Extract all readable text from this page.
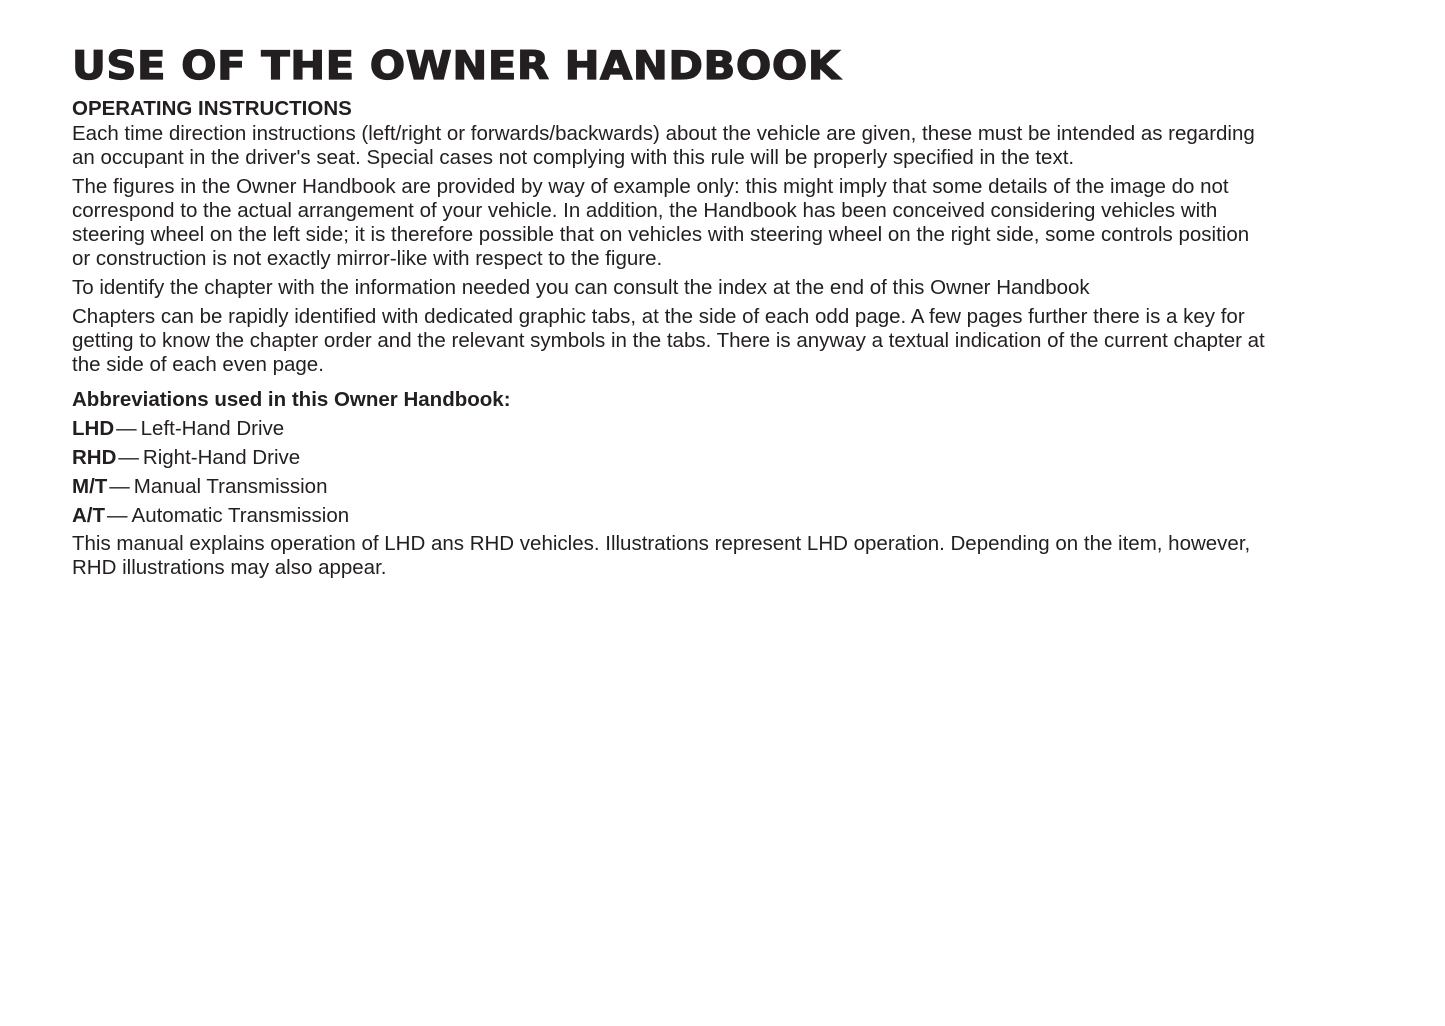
USE OF THE OWNER HANDBOOK
OPERATING INSTRUCTIONS

Each time direction instructions (left/right or forwards/backwards) about the vehicle are given, these must be intended as regarding an occupant in the driver's seat. Special cases not complying with this rule will be properly specified in the text.

The figures in the Owner Handbook are provided by way of example only: this might imply that some details of the image do not correspond to the actual arrangement of your vehicle. In addition, the Handbook has been conceived considering vehicles with steering wheel on the left side; it is therefore possible that on vehicles with steering wheel on the right side, some controls position or construction is not exactly mirror-like with respect to the figure.

To identify the chapter with the information needed you can consult the index at the end of this Owner Handbook

Chapters can be rapidly identified with dedicated graphic tabs, at the side of each odd page. A few pages further there is a key for getting to know the chapter order and the relevant symbols in the tabs. There is anyway a textual indication of the current chapter at the side of each even page.

Abbreviations used in this Owner Handbook:
LHD— Left-Hand Drive
RHD— Right-Hand Drive
M/T— Manual Transmission
A/T— Automatic Transmission

This manual explains operation of LHD ans RHD vehicles. Illustrations represent LHD operation. Depending on the item, however, RHD illustrations may also appear.
